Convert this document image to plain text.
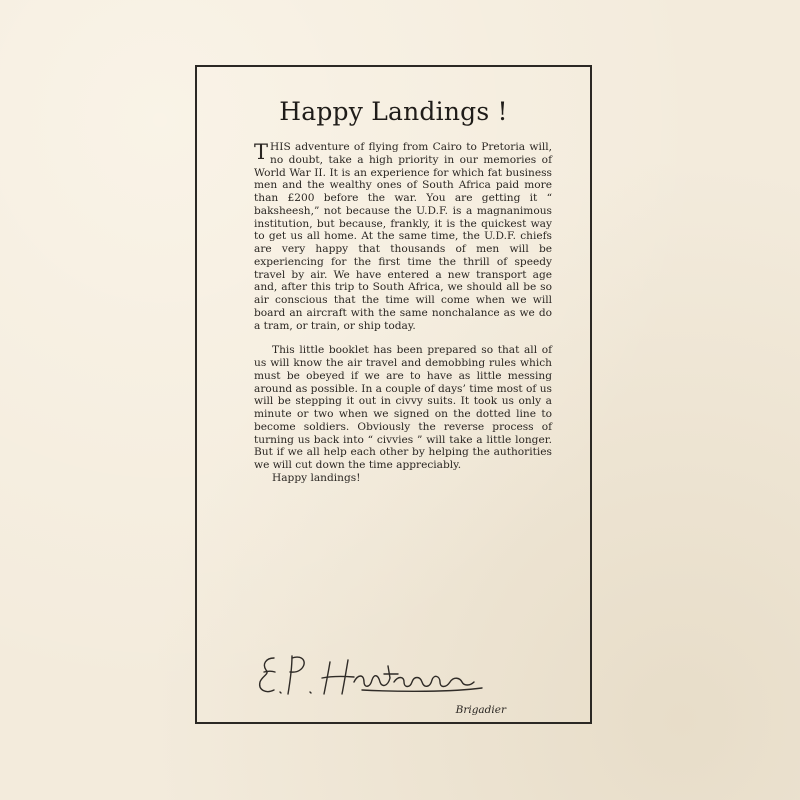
Happy Landings !

THIS adventure of flying from Cairo to Pretoria will, no doubt, take a high priority in our memories of World War II. It is an experience for which fat business men and the wealthy ones of South Africa paid more than £200 before the war. You are getting it “ baksheesh,” not because the U.D.F. is a magnanimous institution, but because, frankly, it is the quickest way to get us all home. At the same time, the U.D.F. chiefs are very happy that thousands of men will be experiencing for the first time the thrill of speedy travel by air. We have entered a new transport age and, after this trip to South Africa, we should all be so air conscious that the time will come when we will board an aircraft with the same nonchalance as we do a tram, or train, or ship today.

This little booklet has been prepared so that all of us will know the air travel and demobbing rules which must be obeyed if we are to have as little messing around as possible. In a couple of days’ time most of us will be stepping it out in civvy suits. It took us only a minute or two when we signed on the dotted line to become soldiers. Obviously the reverse process of turning us back into “ civvies ” will take a little longer. But if we all help each other by helping the authorities we will cut down the time appreciably.

Happy landings!

Brigadier
